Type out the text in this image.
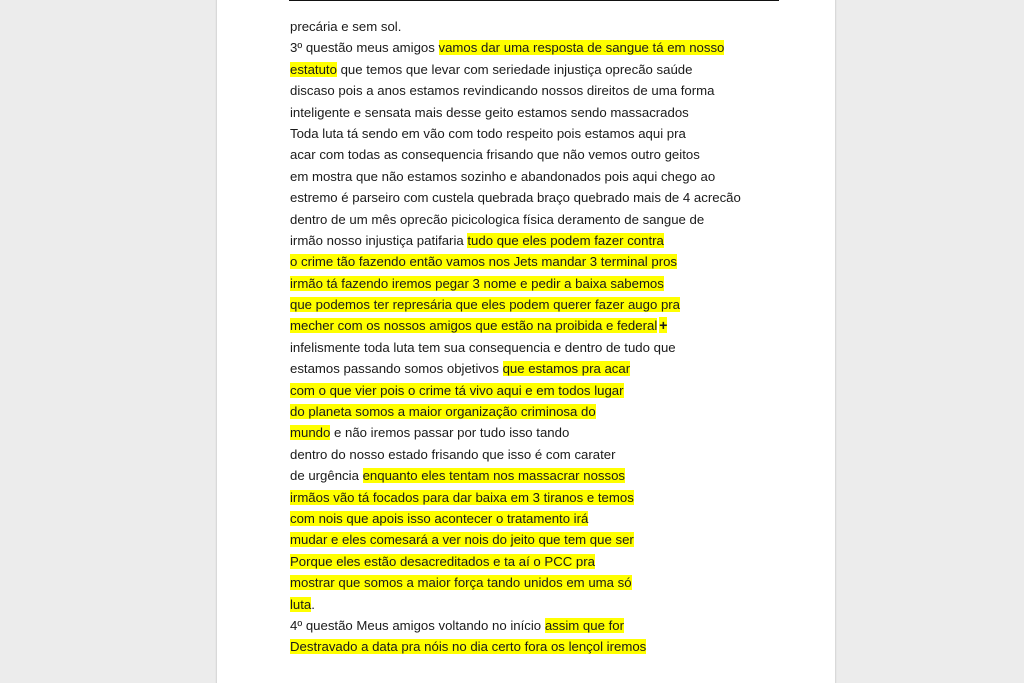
precária e sem sol.
3º questão meus amigos vamos dar uma resposta de sangue tá em nosso
estatuto que temos que levar com seriedade injustiça oprecão saúde
discaso pois a anos estamos revindicando nossos direitos de uma forma
inteligente e sensata mais desse geito estamos sendo massacrados
Toda luta tá sendo em vão com todo respeito pois estamos aqui pra
acar com todas as consequencia frisando que não vemos outro geitos
em mostra que não estamos sozinho e abandonados pois aqui chego ao
estremo é parseiro com custela quebrada braço quebrado mais de 4 acrecão
dentro de um mês oprecão picicologica física deramento de sangue de
irmão nosso injustiça patifaria tudo que eles podem fazer contra
o crime tão fazendo então vamos nos Jets mandar 3 terminal pros
irmão tá fazendo iremos pegar 3 nome e pedir a baixa sabemos
que podemos ter represária que eles podem querer fazer augo pra
mecher com os nossos amigos que estão na proibida e federal +
infelismente toda luta tem sua consequencia e dentro de tudo que
estamos passando somos objetivos que estamos pra acar
com o que vier pois o crime tá vivo aqui e em todos lugar
do planeta somos a maior organização criminosa do
mundo e não iremos passar por tudo isso tando
dentro do nosso estado frisando que isso é com carater
de urgência enquanto eles tentam nos massacrar nossos
irmãos vão tá focados para dar baixa em 3 tiranos e temos
com nois que apois isso acontecer o tratamento irá
mudar e eles comesará a ver nois do jeito que tem que ser
Porque eles estão desacreditados e ta aí o PCC pra
mostrar que somos a maior força tando unidos em uma só
luta.
4º questão Meus amigos voltando no início assim que for
Destravado a data pra nóis no dia certo fora os lençol iremos
